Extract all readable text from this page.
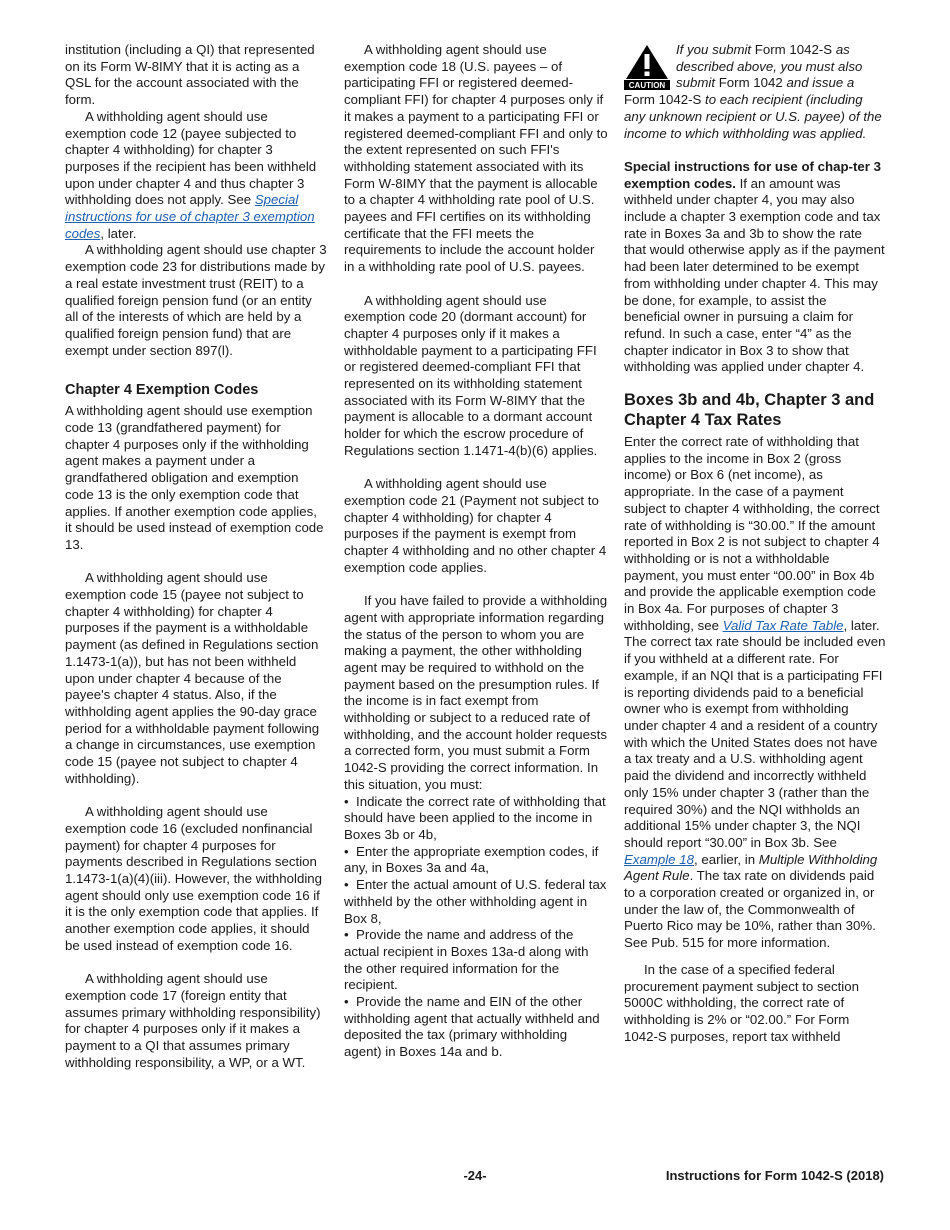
institution (including a QI) that represented on its Form W-8IMY that it is acting as a QSL for the account associated with the form.

A withholding agent should use exemption code 12 (payee subjected to chapter 4 withholding) for chapter 3 purposes if the recipient has been withheld upon under chapter 4 and thus chapter 3 withholding does not apply. See Special instructions for use of chapter 3 exemption codes, later.

A withholding agent should use chapter 3 exemption code 23 for distributions made by a real estate investment trust (REIT) to a qualified foreign pension fund (or an entity all of the interests of which are held by a qualified foreign pension fund) that are exempt under section 897(l).

Chapter 4 Exemption Codes

A withholding agent should use exemption code 13 (grandfathered payment) for chapter 4 purposes only if the withholding agent makes a payment under a grandfathered obligation and exemption code 13 is the only exemption code that applies. If another exemption code applies, it should be used instead of exemption code 13.

A withholding agent should use exemption code 15 (payee not subject to chapter 4 withholding) for chapter 4 purposes if the payment is a withholdable payment (as defined in Regulations section 1.1473-1(a)), but has not been withheld upon under chapter 4 because of the payee's chapter 4 status. Also, if the withholding agent applies the 90-day grace period for a withholdable payment following a change in circumstances, use exemption code 15 (payee not subject to chapter 4 withholding).

A withholding agent should use exemption code 16 (excluded nonfinancial payment) for chapter 4 purposes for payments described in Regulations section 1.1473-1(a)(4)(iii). However, the withholding agent should only use exemption code 16 if it is the only exemption code that applies. If another exemption code applies, it should be used instead of exemption code 16.

A withholding agent should use exemption code 17 (foreign entity that assumes primary withholding responsibility) for chapter 4 purposes only if it makes a payment to a QI that assumes primary withholding responsibility, a WP, or a WT.

A withholding agent should use exemption code 18 (U.S. payees – of participating FFI or registered deemed-compliant FFI) for chapter 4 purposes only if it makes a payment to a participating FFI or registered deemed-compliant FFI and only to the extent represented on such FFI's withholding statement associated with its Form W-8IMY that the payment is allocable to a chapter 4 withholding rate pool of U.S. payees and FFI certifies on its withholding certificate that the FFI meets the requirements to include the account holder in a withholding rate pool of U.S. payees.

A withholding agent should use exemption code 20 (dormant account) for chapter 4 purposes only if it makes a withholdable payment to a participating FFI or registered deemed-compliant FFI that represented on its withholding statement associated with its Form W-8IMY that the payment is allocable to a dormant account holder for which the escrow procedure of Regulations section 1.1471-4(b)(6) applies.

A withholding agent should use exemption code 21 (Payment not subject to chapter 4 withholding) for chapter 4 purposes if the payment is exempt from chapter 4 withholding and no other chapter 4 exemption code applies.

If you have failed to provide a withholding agent with appropriate information regarding the status of the person to whom you are making a payment, the other withholding agent may be required to withhold on the payment based on the presumption rules. If the income is in fact exempt from withholding or subject to a reduced rate of withholding, and the account holder requests a corrected form, you must submit a Form 1042-S providing the correct information. In this situation, you must:

•  Indicate the correct rate of withholding that should have been applied to the income in Boxes 3b or 4b,

•  Enter the appropriate exemption codes, if any, in Boxes 3a and 4a,

•  Enter the actual amount of U.S. federal tax withheld by the other withholding agent in Box 8,

•  Provide the name and address of the actual recipient in Boxes 13a-d along with the other required information for the recipient.

•  Provide the name and EIN of the other withholding agent that actually withheld and deposited the tax (primary withholding agent) in Boxes 14a and b.

CAUTION

If you submit Form 1042-S as described above, you must also submit Form 1042 and issue a Form 1042-S to each recipient (including any unknown recipient or U.S. payee) of the income to which withholding was applied.

Special instructions for use of chap-ter 3 exemption codes. If an amount was withheld under chapter 4, you may also include a chapter 3 exemption code and tax rate in Boxes 3a and 3b to show the rate that would otherwise apply as if the payment had been later determined to be exempt from withholding under chapter 4. This may be done, for example, to assist the beneficial owner in pursuing a claim for refund. In such a case, enter “4” as the chapter indicator in Box 3 to show that withholding was applied under chapter 4.

Boxes 3b and 4b, Chapter 3 and Chapter 4 Tax Rates

Enter the correct rate of withholding that applies to the income in Box 2 (gross income) or Box 6 (net income), as appropriate. In the case of a payment subject to chapter 4 withholding, the correct rate of withholding is “30.00.” If the amount reported in Box 2 is not subject to chapter 4 withholding or is not a withholdable payment, you must enter “00.00” in Box 4b and provide the applicable exemption code in Box 4a. For purposes of chapter 3 withholding, see Valid Tax Rate Table, later. The correct tax rate should be included even if you withheld at a different rate. For example, if an NQI that is a participating FFI is reporting dividends paid to a beneficial owner who is exempt from withholding under chapter 4 and a resident of a country with which the United States does not have a tax treaty and a U.S. withholding agent paid the dividend and incorrectly withheld only 15% under chapter 3 (rather than the required 30%) and the NQI withholds an additional 15% under chapter 3, the NQI should report “30.00” in Box 3b. See Example 18, earlier, in Multiple Withholding Agent Rule. The tax rate on dividends paid to a corporation created or organized in, or under the law of, the Commonwealth of Puerto Rico may be 10%, rather than 30%. See Pub. 515 for more information.

In the case of a specified federal procurement payment subject to section 5000C withholding, the correct rate of withholding is 2% or “02.00.” For Form 1042-S purposes, report tax withheld

-24-	Instructions for Form 1042-S (2018)
